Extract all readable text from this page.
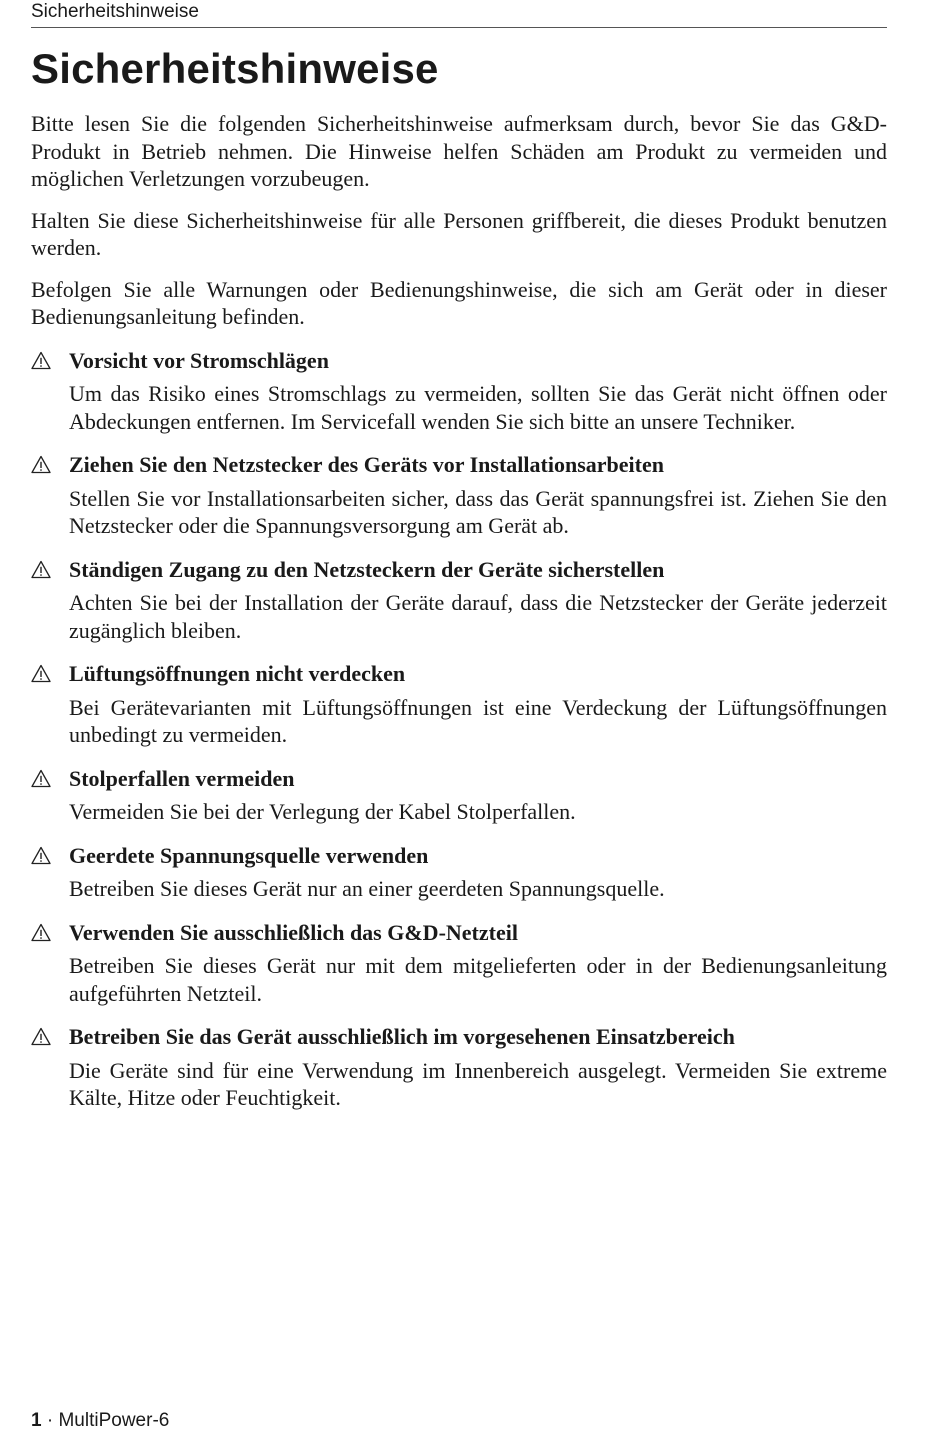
Sicherheitshinweise
Sicherheitshinweise

Bitte lesen Sie die folgenden Sicherheitshinweise aufmerksam durch, bevor Sie das G&D-Produkt in Betrieb nehmen. Die Hinweise helfen Schäden am Produkt zu vermeiden und möglichen Verletzungen vorzubeugen.

Halten Sie diese Sicherheitshinweise für alle Personen griffbereit, die dieses Produkt benutzen werden.

Befolgen Sie alle Warnungen oder Bedienungshinweise, die sich am Gerät oder in dieser Bedienungsanleitung befinden.

Vorsicht vor Stromschlägen

Um das Risiko eines Stromschlags zu vermeiden, sollten Sie das Gerät nicht öffnen oder Abdeckungen entfernen. Im Servicefall wenden Sie sich bitte an unsere Techniker.

Ziehen Sie den Netzstecker des Geräts vor Installationsarbeiten

Stellen Sie vor Installationsarbeiten sicher, dass das Gerät spannungsfrei ist. Ziehen Sie den Netzstecker oder die Spannungsversorgung am Gerät ab.

Ständigen Zugang zu den Netzsteckern der Geräte sicherstellen

Achten Sie bei der Installation der Geräte darauf, dass die Netzstecker der Geräte jederzeit zugänglich bleiben.

Lüftungsöffnungen nicht verdecken

Bei Gerätevarianten mit Lüftungsöffnungen ist eine Verdeckung der Lüftungsöffnungen unbedingt zu vermeiden.

Stolperfallen vermeiden

Vermeiden Sie bei der Verlegung der Kabel Stolperfallen.

Geerdete Spannungsquelle verwenden

Betreiben Sie dieses Gerät nur an einer geerdeten Spannungsquelle.

Verwenden Sie ausschließlich das G&D-Netzteil

Betreiben Sie dieses Gerät nur mit dem mitgelieferten oder in der Bedienungsanleitung aufgeführten Netzteil.

Betreiben Sie das Gerät ausschließlich im vorgesehenen Einsatzbereich

Die Geräte sind für eine Verwendung im Innenbereich ausgelegt. Vermeiden Sie extreme Kälte, Hitze oder Feuchtigkeit.

1 · MultiPower-6
